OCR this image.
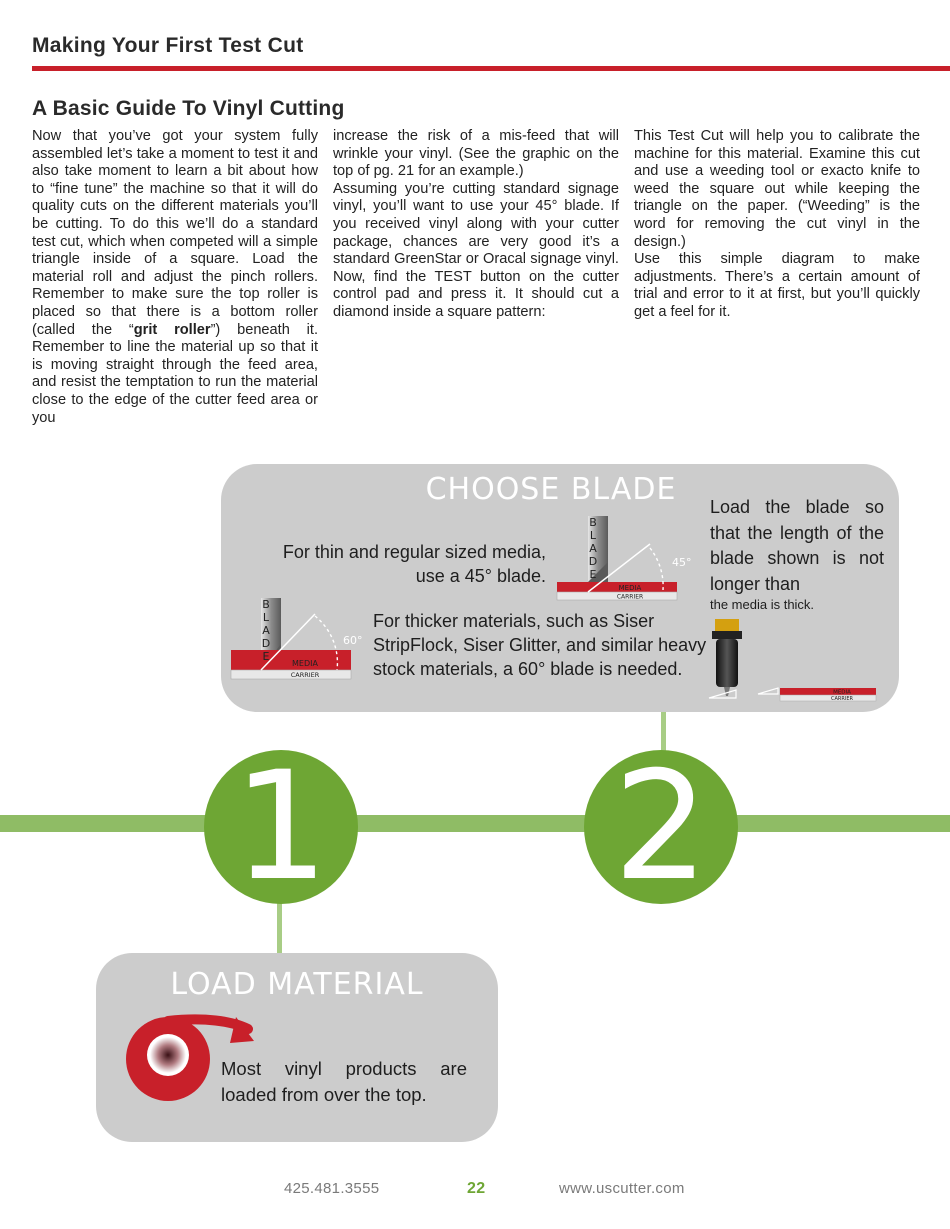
Making Your First Test Cut
A Basic Guide To Vinyl Cutting

Now that you’ve got your system fully assembled let’s take a moment to test it and also take moment to learn a bit about how to “fine tune” the machine so that it will do quality cuts on the different materials you’ll be cutting. To do this we’ll do a standard test cut, which when competed will a simple triangle inside of a square. Load the material roll and adjust the pinch rollers. Remember to make sure the top roller is placed so that there is a bottom roller (called the “grit roller”) beneath it. Remember to line the material up so that it is moving straight through the feed area, and resist the temptation to run the material close to the edge of the cutter feed area or you

increase the risk of a mis-feed that will wrinkle your vinyl. (See the graphic on the top of pg. 21 for an example.)

Assuming you’re cutting standard signage vinyl, you’ll want to use your 45° blade. If you received vinyl along with your cutter package, chances are very good it’s a standard GreenStar or Oracal signage vinyl. Now, find the TEST button on the cutter control pad and press it. It should cut a diamond inside a square pattern:

This Test Cut will help you to calibrate the machine for this material. Examine this cut and use a weeding tool or exacto knife to weed the square out while keeping the triangle on the paper. (“Weeding” is the word for removing the cut vinyl in the design.)

Use this simple diagram to make adjustments. There’s a certain amount of trial and error to it at first, but you’ll quickly get a feel for it.

1 2
CHOOSE BLADE
For thin and regular sized media, use a 45° blade.
For thicker materials, such as Siser StripFlock, Siser Glitter, and similar heavy stock materials, a 60° blade is needed.
Load the blade so that the length of the blade shown is not longer than
the media is thick.
B
L
A
D
E
45°
MEDIA
CARRIER
B
L
A
D
E
60°
MEDIA
CARRIER
MEDIA
CARRIER
LOAD MATERIAL
Most vinyl products are loaded from over the top.
425.481.3555	22	www.uscutter.com
